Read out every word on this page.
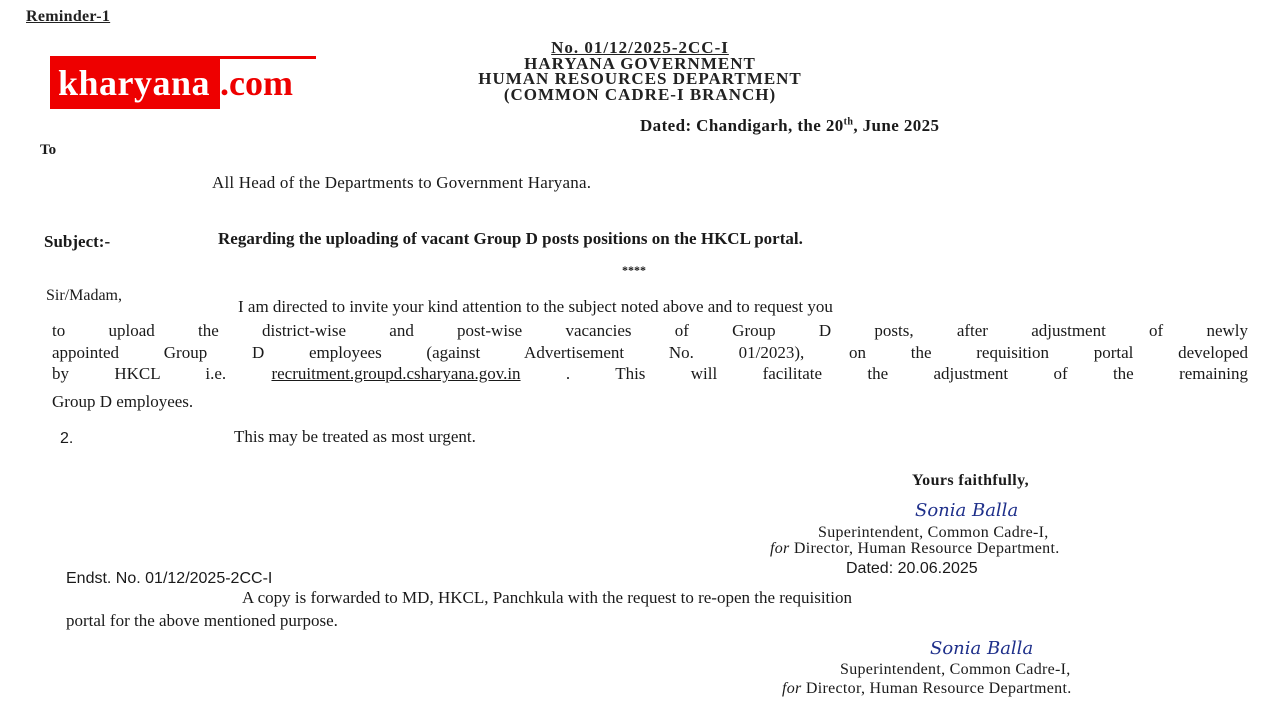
Reminder-1
kharyana .com
No. 01/12/2025-2CC-I
HARYANA GOVERNMENT
HUMAN RESOURCES DEPARTMENT
(COMMON CADRE-I BRANCH)
Dated: Chandigarh, the 20th, June 2025
To
All Head of the Departments to Government Haryana.
Subject:-	Regarding the uploading of vacant Group D posts positions on the HKCL portal.
****
Sir/Madam,
I am directed to invite your kind attention to the subject noted above and to request you
to upload the district-wise and post-wise vacancies of Group D posts, after adjustment of newly
appointed Group D employees (against Advertisement No. 01/2023), on the requisition portal developed
by HKCL i.e. recruitment.groupd.csharyana.gov.in . This will facilitate the adjustment of the remaining
Group D employees.
2.	This may be treated as most urgent.
Yours faithfully,
Sonia Balla
Superintendent, Common Cadre-I,
for Director, Human Resource Department.
Dated: 20.06.2025
Endst. No. 01/12/2025-2CC-I
A copy is forwarded to MD, HKCL, Panchkula with the request to re-open the requisition
portal for the above mentioned purpose.
Sonia Balla
Superintendent, Common Cadre-I,
for Director, Human Resource Department.
